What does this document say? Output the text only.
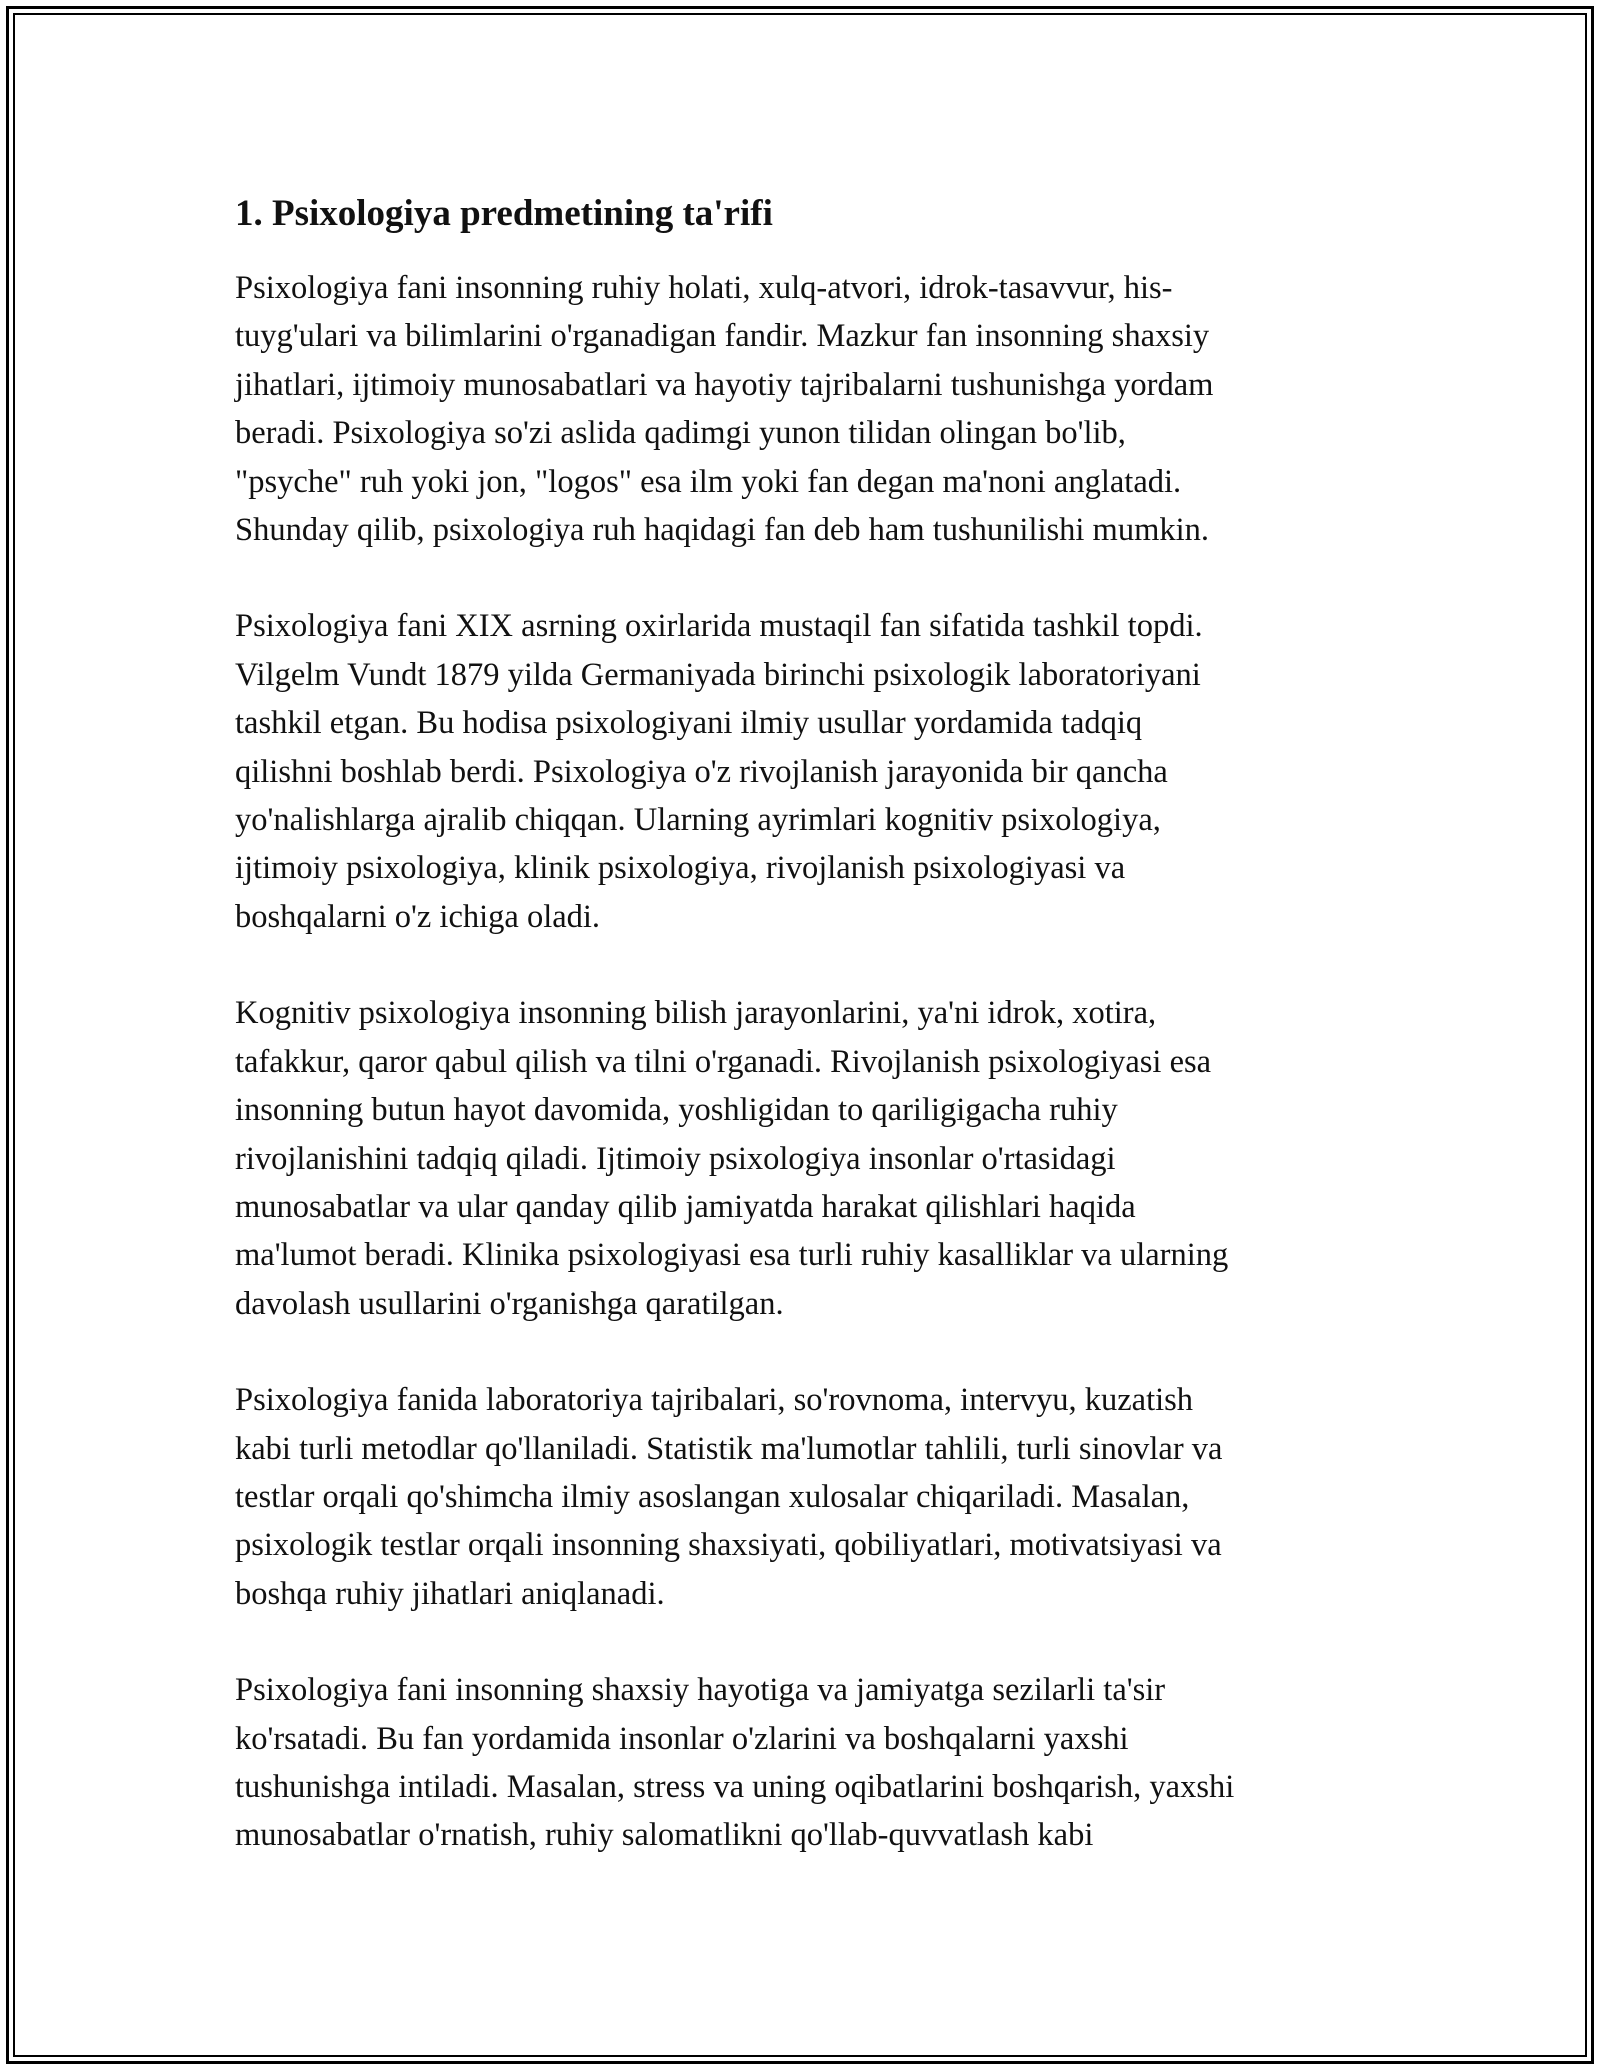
1. Psixologiya predmetining ta'rifi
Psixologiya fani insonning ruhiy holati, xulq-atvori, idrok-tasavvur, his-
tuyg'ulari va bilimlarini o'rganadigan fandir. Mazkur fan insonning shaxsiy
jihatlari, ijtimoiy munosabatlari va hayotiy tajribalarni tushunishga yordam
beradi. Psixologiya so'zi aslida qadimgi yunon tilidan olingan bo'lib,
"psyche" ruh yoki jon, "logos" esa ilm yoki fan degan ma'noni anglatadi.
Shunday qilib, psixologiya ruh haqidagi fan deb ham tushunilishi mumkin.
Psixologiya fani XIX asrning oxirlarida mustaqil fan sifatida tashkil topdi.
Vilgelm Vundt 1879 yilda Germaniyada birinchi psixologik laboratoriyani
tashkil etgan. Bu hodisa psixologiyani ilmiy usullar yordamida tadqiq
qilishni boshlab berdi. Psixologiya o'z rivojlanish jarayonida bir qancha
yo'nalishlarga ajralib chiqqan. Ularning ayrimlari kognitiv psixologiya,
ijtimoiy psixologiya, klinik psixologiya, rivojlanish psixologiyasi va
boshqalarni o'z ichiga oladi.
Kognitiv psixologiya insonning bilish jarayonlarini, ya'ni idrok, xotira,
tafakkur, qaror qabul qilish va tilni o'rganadi. Rivojlanish psixologiyasi esa
insonning butun hayot davomida, yoshligidan to qariligigacha ruhiy
rivojlanishini tadqiq qiladi. Ijtimoiy psixologiya insonlar o'rtasidagi
munosabatlar va ular qanday qilib jamiyatda harakat qilishlari haqida
ma'lumot beradi. Klinika psixologiyasi esa turli ruhiy kasalliklar va ularning
davolash usullarini o'rganishga qaratilgan.
Psixologiya fanida laboratoriya tajribalari, so'rovnoma, intervyu, kuzatish
kabi turli metodlar qo'llaniladi. Statistik ma'lumotlar tahlili, turli sinovlar va
testlar orqali qo'shimcha ilmiy asoslangan xulosalar chiqariladi. Masalan,
psixologik testlar orqali insonning shaxsiyati, qobiliyatlari, motivatsiyasi va
boshqa ruhiy jihatlari aniqlanadi.
Psixologiya fani insonning shaxsiy hayotiga va jamiyatga sezilarli ta'sir
ko'rsatadi. Bu fan yordamida insonlar o'zlarini va boshqalarni yaxshi
tushunishga intiladi. Masalan, stress va uning oqibatlarini boshqarish, yaxshi
munosabatlar o'rnatish, ruhiy salomatlikni qo'llab-quvvatlash kabi
